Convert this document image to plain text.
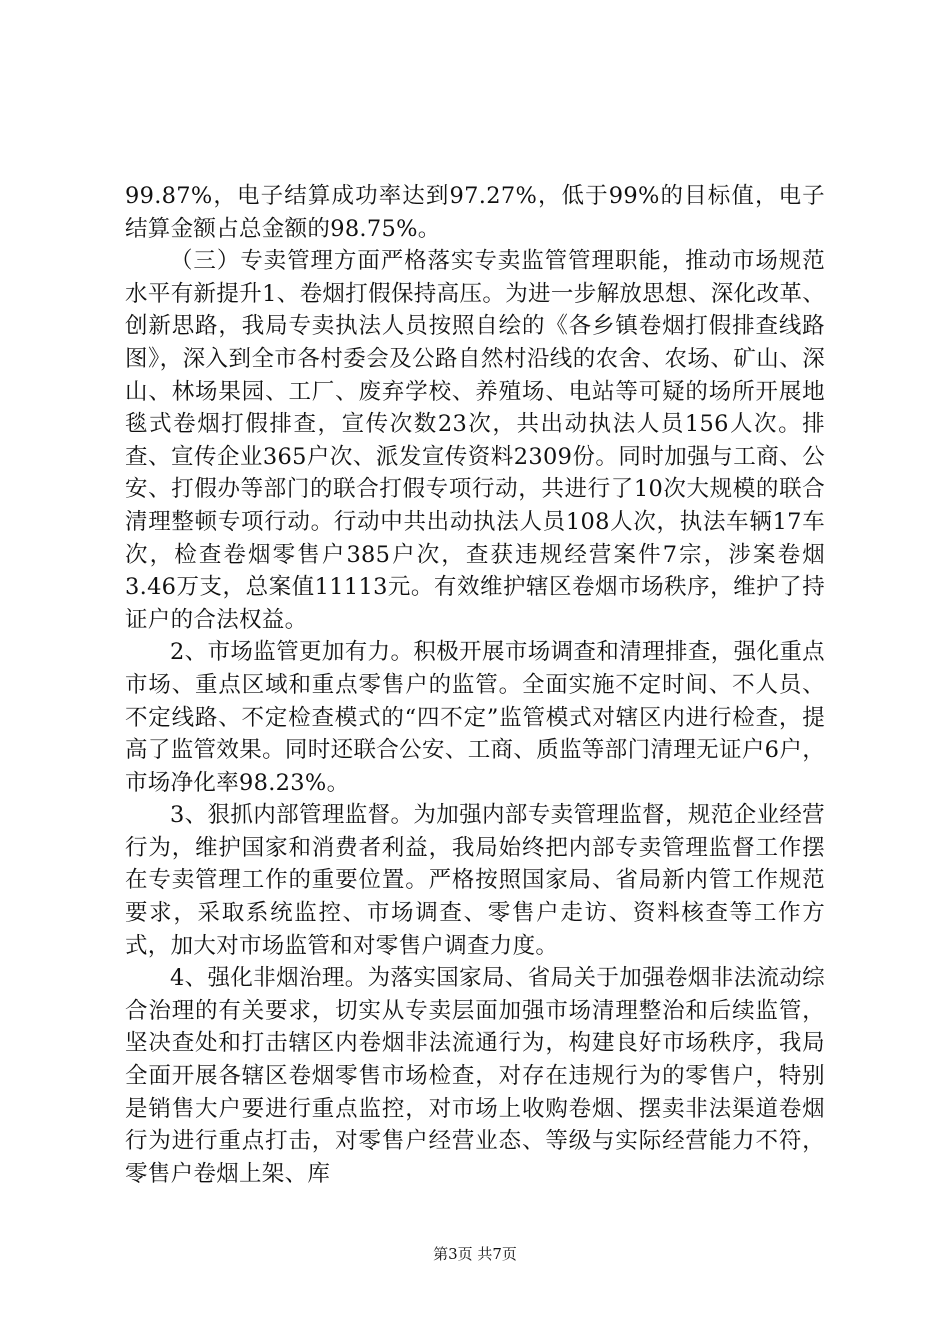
99.87%，电子结算成功率达到97.27%，低于99%的目标值，电子结算金额占总金额的98.75%。

（三）专卖管理方面严格落实专卖监管管理职能，推动市场规范水平有新提升1、卷烟打假保持高压。为进一步解放思想、深化改革、创新思路，我局专卖执法人员按照自绘的《各乡镇卷烟打假排查线路图》，深入到全市各村委会及公路自然村沿线的农舍、农场、矿山、深山、林场果园、工厂、废弃学校、养殖场、电站等可疑的场所开展地毯式卷烟打假排查，宣传次数23次，共出动执法人员156人次。排查、宣传企业365户次、派发宣传资料2309份。同时加强与工商、公安、打假办等部门的联合打假专项行动，共进行了10次大规模的联合清理整顿专项行动。行动中共出动执法人员108人次，执法车辆17车次，检查卷烟零售户385户次，查获违规经营案件7宗，涉案卷烟3.46万支，总案值11113元。有效维护辖区卷烟市场秩序，维护了持证户的合法权益。

2、市场监管更加有力。积极开展市场调查和清理排查，强化重点市场、重点区域和重点零售户的监管。全面实施不定时间、不人员、不定线路、不定检查模式的“四不定”监管模式对辖区内进行检查，提高了监管效果。同时还联合公安、工商、质监等部门清理无证户6户，市场净化率98.23%。

3、狠抓内部管理监督。为加强内部专卖管理监督，规范企业经营行为，维护国家和消费者利益，我局始终把内部专卖管理监督工作摆在专卖管理工作的重要位置。严格按照国家局、省局新内管工作规范要求，采取系统监控、市场调查、零售户走访、资料核查等工作方式，加大对市场监管和对零售户调查力度。

4、强化非烟治理。为落实国家局、省局关于加强卷烟非法流动综合治理的有关要求，切实从专卖层面加强市场清理整治和后续监管，坚决查处和打击辖区内卷烟非法流通行为，构建良好市场秩序，我局全面开展各辖区卷烟零售市场检查，对存在违规行为的零售户，特别是销售大户要进行重点监控，对市场上收购卷烟、摆卖非法渠道卷烟行为进行重点打击，对零售户经营业态、等级与实际经营能力不符，零售户卷烟上架、库

第3页 共7页
